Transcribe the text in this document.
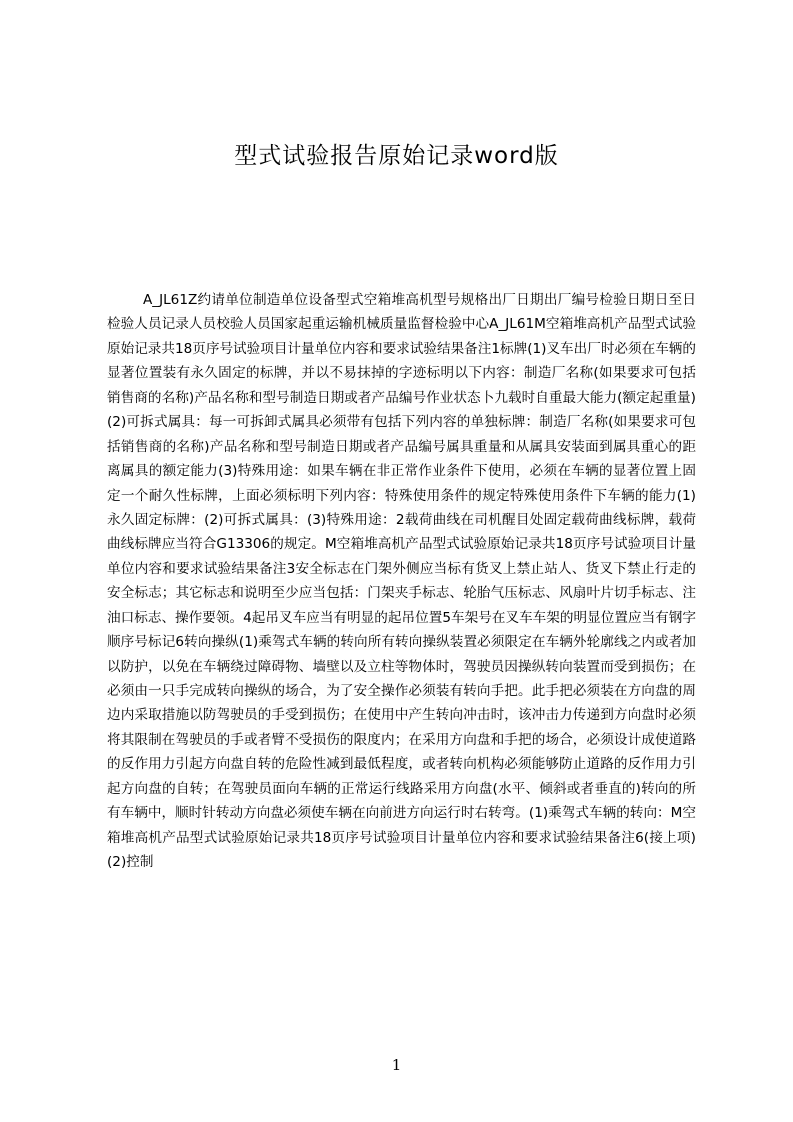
型式试验报告原始记录word版

A_JL61Z约请单位制造单位设备型式空箱堆高机型号规格出厂日期出厂编号检验日期日至日检验人员记录人员校验人员国家起重运输机械质量监督检验中心A_JL61M空箱堆高机产品型式试验原始记录共18页序号试验项目计量单位内容和要求试验结果备注1标牌(1)叉车出厂时必须在车辆的显著位置装有永久固定的标牌，并以不易抹掉的字迹标明以下内容：制造厂名称(如果要求可包括销售商的名称)产品名称和型号制造日期或者产品编号作业状态卜九载时自重最大能力(额定起重量)(2)可拆式属具：每一可拆卸式属具必须带有包括下列内容的单独标牌：制造厂名称(如果要求可包括销售商的名称)产品名称和型号制造日期或者产品编号属具重量和从属具安装面到属具重心的距离属具的额定能力(3)特殊用途：如果车辆在非正常作业条件下使用，必须在车辆的显著位置上固定一个耐久性标牌，上面必须标明下列内容：特殊使用条件的规定特殊使用条件下车辆的能力(1)永久固定标牌：(2)可拆式属具：(3)特殊用途：2载荷曲线在司机醒目处固定载荷曲线标牌，载荷曲线标牌应当符合G13306的规定。M空箱堆高机产品型式试验原始记录共18页序号试验项目计量单位内容和要求试验结果备注3安全标志在门架外侧应当标有货叉上禁止站人、货叉下禁止行走的安全标志；其它标志和说明至少应当包括：门架夹手标志、轮胎气压标志、风扇叶片切手标志、注油口标志、操作要领。4起吊叉车应当有明显的起吊位置5车架号在叉车车架的明显位置应当有钢字顺序号标记6转向操纵(1)乘驾式车辆的转向所有转向操纵装置必须限定在车辆外轮廓线之内或者加以防护，以免在车辆绕过障碍物、墙壁以及立柱等物体时，驾驶员因操纵转向装置而受到损伤；在必须由一只手完成转向操纵的场合，为了安全操作必须装有转向手把。此手把必须装在方向盘的周边内采取措施以防驾驶员的手受到损伤；在使用中产生转向冲击时，该冲击力传递到方向盘时必须将其限制在驾驶员的手或者臂不受损伤的限度内；在采用方向盘和手把的场合，必须设计成使道路的反作用力引起方向盘自转的危险性减到最低程度，或者转向机构必须能够防止道路的反作用力引起方向盘的自转；在驾驶员面向车辆的正常运行线路采用方向盘(水平、倾斜或者垂直的)转向的所有车辆中，顺时针转动方向盘必须使车辆在向前进方向运行时右转弯。(1)乘驾式车辆的转向：M空箱堆高机产品型式试验原始记录共18页序号试验项目计量单位内容和要求试验结果备注6(接上项)(2)控制

1
